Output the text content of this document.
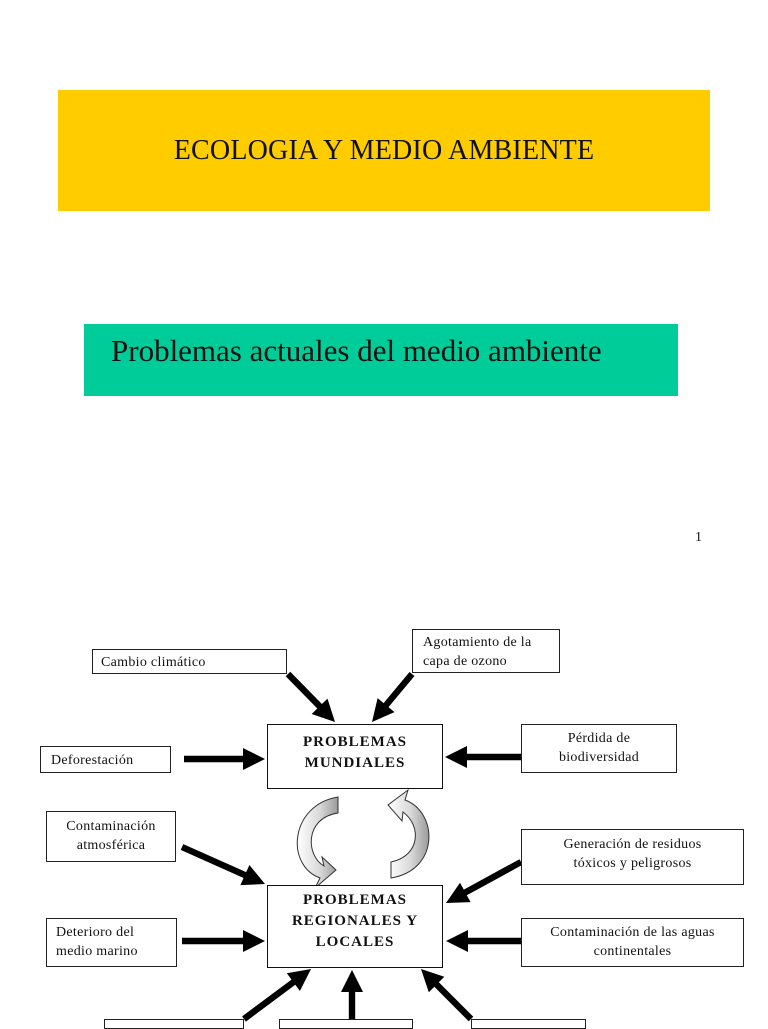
ECOLOGIA Y MEDIO AMBIENTE
Problemas actuales del medio ambiente
1
PROBLEMAS
MUNDIALES
PROBLEMAS
REGIONALES Y
LOCALES
Cambio climático
Agotamiento de la
capa de ozono
Deforestación
Pérdida de
biodiversidad
Contaminación
atmosférica	Generación de residuos
tóxicos y peligrosos
Deterioro del
medio marino
Contaminación de las aguas
continentales
